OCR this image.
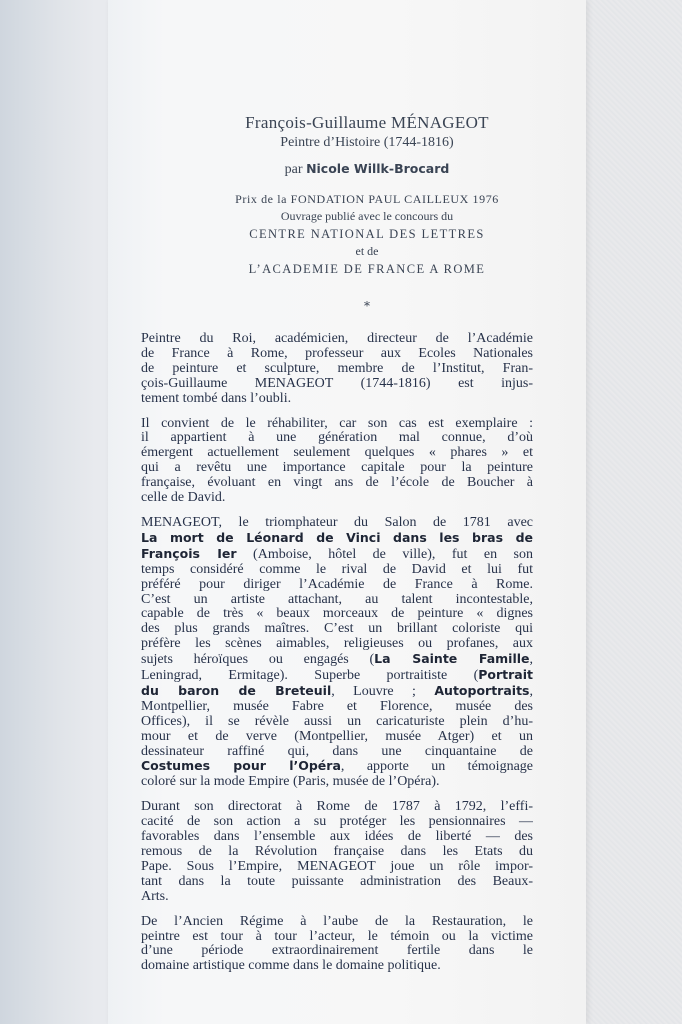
François-Guillaume MÉNAGEOT
Peintre d’Histoire (1744-1816)
par Nicole Willk-Brocard
Prix de la FONDATION PAUL CAILLEUX 1976
Ouvrage publié avec le concours du
CENTRE NATIONAL DES LETTRES
et de
L’ACADEMIE DE FRANCE A ROME
*
Peintre du Roi, académicien, directeur de l’Académie
de France à Rome, professeur aux Ecoles Nationales
de peinture et sculpture, membre de l’Institut, Fran-
çois-Guillaume MÉNAGEOT (1744-1816) est injus-
tement tombé dans l’oubli.
Il convient de le réhabiliter, car son cas est exemplaire :
il appartient à une génération mal connue, d’où
émergent actuellement seulement quelques « phares » et
qui a revêtu une importance capitale pour la peinture
française, évoluant en vingt ans de l’école de Boucher à
celle de David.
MENAGEOT, le triomphateur du Salon de 1781 avec
La mort de Léonard de Vinci dans les bras de
François Ier (Amboise, hôtel de ville), fut en son
temps considéré comme le rival de David et lui fut
préféré pour diriger l’Académie de France à Rome.
C’est un artiste attachant, au talent incontestable,
capable de très « beaux morceaux de peinture « dignes
des plus grands maîtres. C’est un brillant coloriste qui
préfère les scènes aimables, religieuses ou profanes, aux
sujets héroïques ou engagés (La Sainte Famille,
Leningrad, Ermitage). Superbe portraitiste (Portrait
du baron de Breteuil, Louvre ; Autoportraits,
Montpellier, musée Fabre et Florence, musée des
Offices), il se révèle aussi un caricaturiste plein d’hu-
mour et de verve (Montpellier, musée Atger) et un
dessinateur raffiné qui, dans une cinquantaine de
Costumes pour l’Opéra, apporte un témoignage
coloré sur la mode Empire (Paris, musée de l’Opéra).
Durant son directorat à Rome de 1787 à 1792, l’effi-
cacité de son action a su protéger les pensionnaires —
favorables dans l’ensemble aux idées de liberté — des
remous de la Révolution française dans les Etats du
Pape. Sous l’Empire, MENAGEOT joue un rôle impor-
tant dans la toute puissante administration des Beaux-
Arts.
De l’Ancien Régime à l’aube de la Restauration, le
peintre est tour à tour l’acteur, le témoin ou la victime
d’une période extraordinairement fertile dans le
domaine artistique comme dans le domaine politique.
